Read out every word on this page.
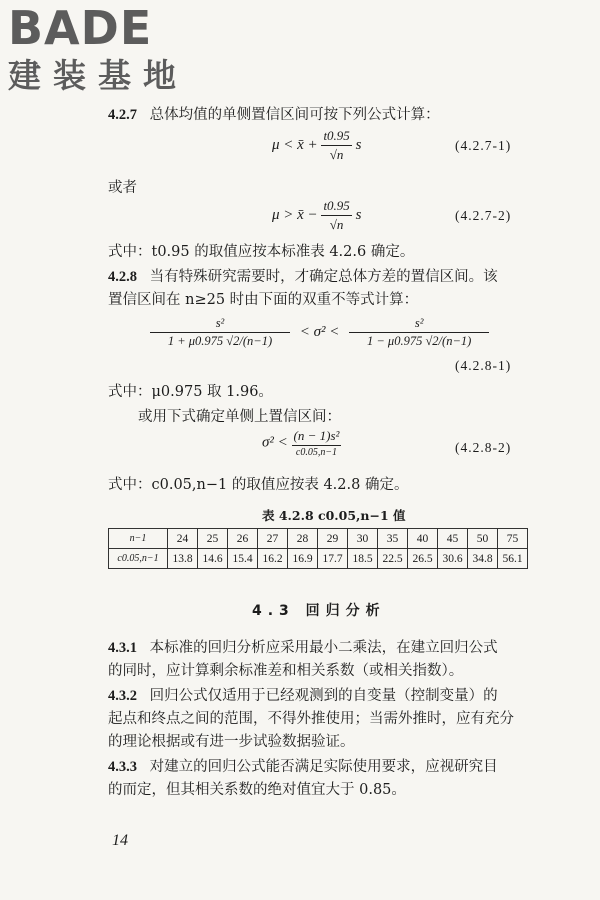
BADE
建装基地
4.2.7 总体均值的单侧置信区间可按下列公式计算：
μ < x̄ + $\frac{t0.95}{√n}$ s	(4.2.7-1)
或者
μ > x̄ − $\frac{t0.95}{√n}$ s	(4.2.7-2)
式中：t0.95 的取值应按本标准表 4.2.6 确定。
4.2.8 当有特殊研究需要时，才确定总体方差的置信区间。该
置信区间在 n≥25 时由下面的双重不等式计算：
$\frac{\text{s²}}{1 + \mu 0.975 √2/(n-1)} < \sigma^2 < \frac{\text{s²}}{1 - \mu 0.975 √2/(n-1)}$
(4.2.8-1)
式中：μ0.975 取 1.96。
或用下式确定单侧上置信区间：
$\sigma^2 < \frac{\text{(n − 1)s²}}{c0.05,n-1}$	(4.2.8-2)
式中：c0.05,n−1 的取值应按表 4.2.8 确定。
表 4.2.8 c0.05,n−1 值
n−1	24	25	26	27	28	29	30	35	40	45	50	75
c0.05,n−1	13.8	14.6	15.4	16.2	16.9	17.7	18.5	22.5	26.5	30.6	34.8	56.1
4.3 回归分析
4.3.1 本标准的回归分析应采用最小二乘法，在建立回归公式
的同时，应计算剩余标准差和相关系数（或相关指数）。
4.3.2 回归公式仅适用于已经观测到的自变量（控制变量）的
起点和终点之间的范围，不得外推使用；当需外推时，应有充分
的理论根据或有进一步试验数据验证。
4.3.3 对建立的回归公式能否满足实际使用要求，应视研究目
的而定，但其相关系数的绝对值宜大于 0.85。
14
